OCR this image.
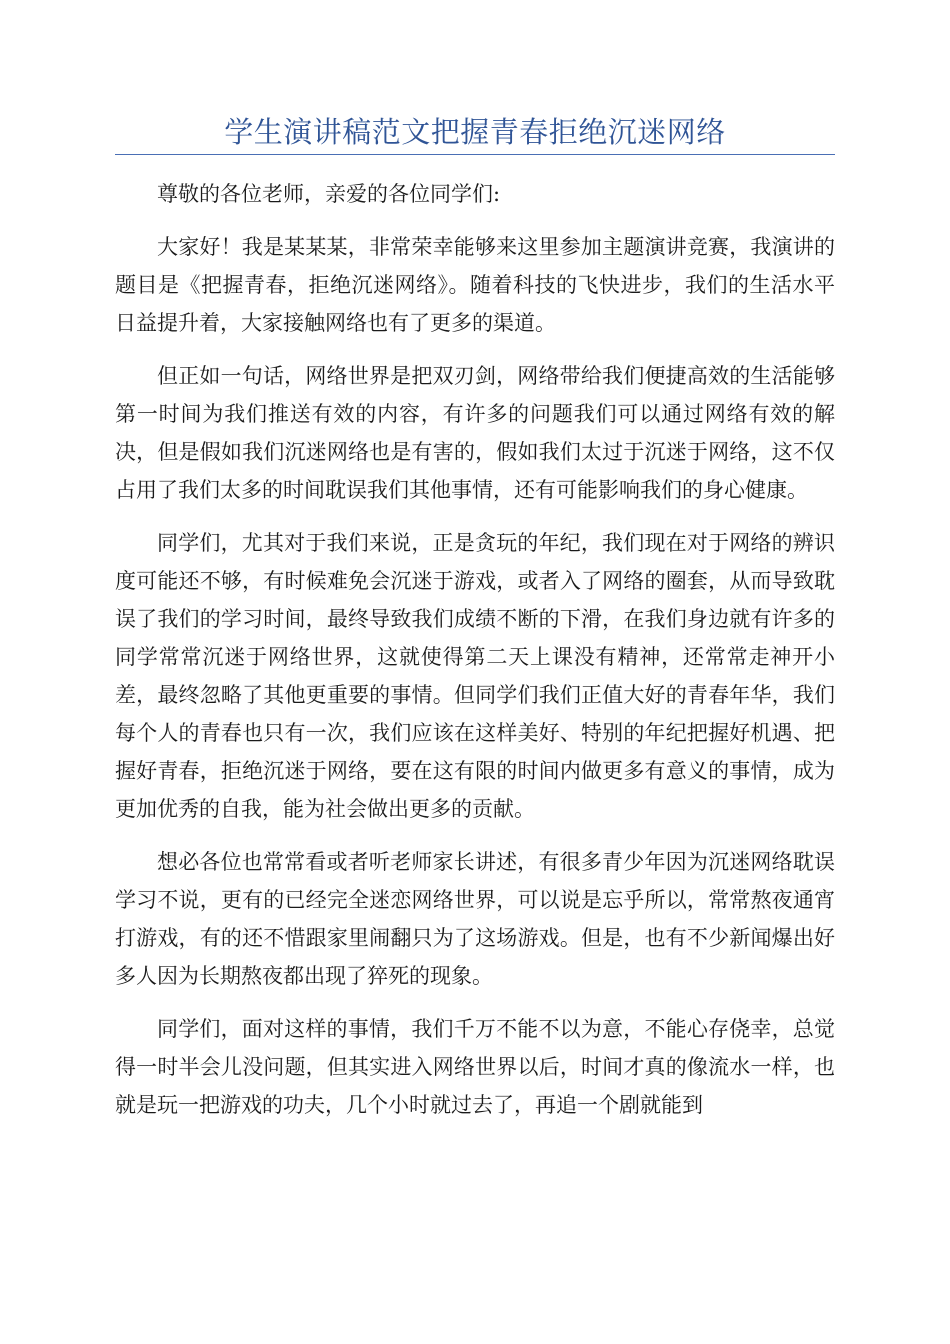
学生演讲稿范文把握青春拒绝沉迷网络

尊敬的各位老师，亲爱的各位同学们:

大家好！我是某某某，非常荣幸能够来这里参加主题演讲竞赛，我演讲的题目是《把握青春，拒绝沉迷网络》。随着科技的飞快进步，我们的生活水平日益提升着，大家接触网络也有了更多的渠道。

但正如一句话，网络世界是把双刃剑，网络带给我们便捷高效的生活能够第一时间为我们推送有效的内容，有许多的问题我们可以通过网络有效的解决，但是假如我们沉迷网络也是有害的，假如我们太过于沉迷于网络，这不仅占用了我们太多的时间耽误我们其他事情，还有可能影响我们的身心健康。

同学们，尤其对于我们来说，正是贪玩的年纪，我们现在对于网络的辨识度可能还不够，有时候难免会沉迷于游戏，或者入了网络的圈套，从而导致耽误了我们的学习时间，最终导致我们成绩不断的下滑，在我们身边就有许多的同学常常沉迷于网络世界，这就使得第二天上课没有精神，还常常走神开小差，最终忽略了其他更重要的事情。但同学们我们正值大好的青春年华，我们每个人的青春也只有一次，我们应该在这样美好、特别的年纪把握好机遇、把握好青春，拒绝沉迷于网络，要在这有限的时间内做更多有意义的事情，成为更加优秀的自我，能为社会做出更多的贡献。

想必各位也常常看或者听老师家长讲述，有很多青少年因为沉迷网络耽误学习不说，更有的已经完全迷恋网络世界，可以说是忘乎所以，常常熬夜通宵打游戏，有的还不惜跟家里闹翻只为了这场游戏。但是，也有不少新闻爆出好多人因为长期熬夜都出现了猝死的现象。

同学们，面对这样的事情，我们千万不能不以为意，不能心存侥幸，总觉得一时半会儿没问题，但其实进入网络世界以后，时间才真的像流水一样，也就是玩一把游戏的功夫，几个小时就过去了，再追一个剧就能到
